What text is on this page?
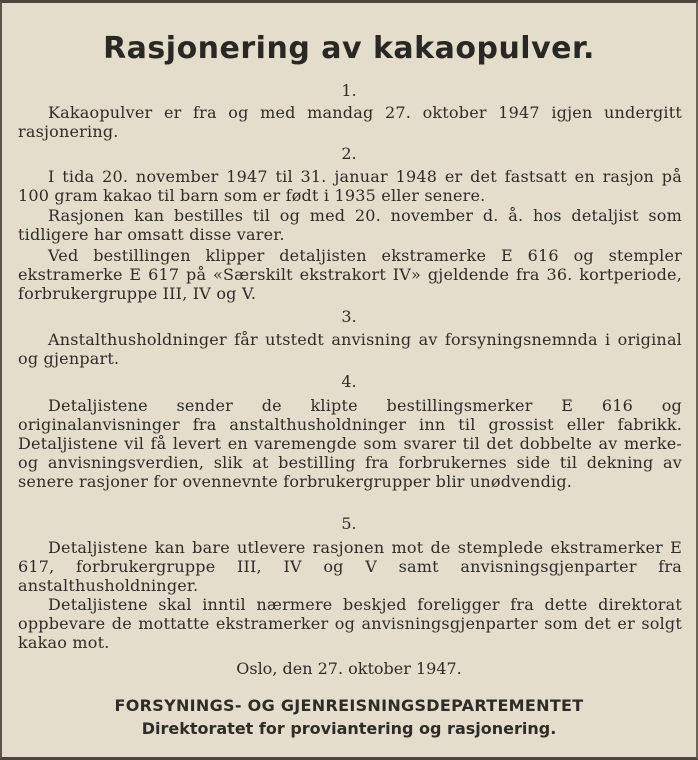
Rasjonering av kakaopulver.
1.
Kakaopulver er fra og med mandag 27. oktober 1947 igjen undergitt rasjonering.
2.
I tida 20. november 1947 til 31. januar 1948 er det fastsatt en rasjon på 100 gram kakao til barn som er født i 1935 eller senere.
Rasjonen kan bestilles til og med 20. november d. å. hos detaljist som tidligere har omsatt disse varer.
Ved bestillingen klipper detaljisten ekstramerke E 616 og stempler ekstramerke E 617 på «Særskilt ekstrakort IV» gjeldende fra 36. kortperiode, forbrukergruppe III, IV og V.
3.
Anstalthusholdninger får utstedt anvisning av forsyningsnemnda i original og gjenpart.
4.
Detaljistene sender de klipte bestillingsmerker E 616 og originalanvisninger fra anstalthusholdninger inn til grossist eller fabrikk. Detaljistene vil få levert en varemengde som svarer til det dobbelte av merke- og anvisningsverdien, slik at bestilling fra forbrukernes side til dekning av senere rasjoner for ovennevnte forbrukergrupper blir unødvendig.
5.
Detaljistene kan bare utlevere rasjonen mot de stemplede ekstramerker E 617, forbrukergruppe III, IV og V samt anvisningsgjenparter fra anstalthusholdninger.
Detaljistene skal inntil nærmere beskjed foreligger fra dette direktorat oppbevare de mottatte ekstramerker og anvisningsgjenparter som det er solgt kakao mot.
Oslo, den 27. oktober 1947.
FORSYNINGS- OG GJENREISNINGSDEPARTEMENTET
Direktoratet for proviantering og rasjonering.
